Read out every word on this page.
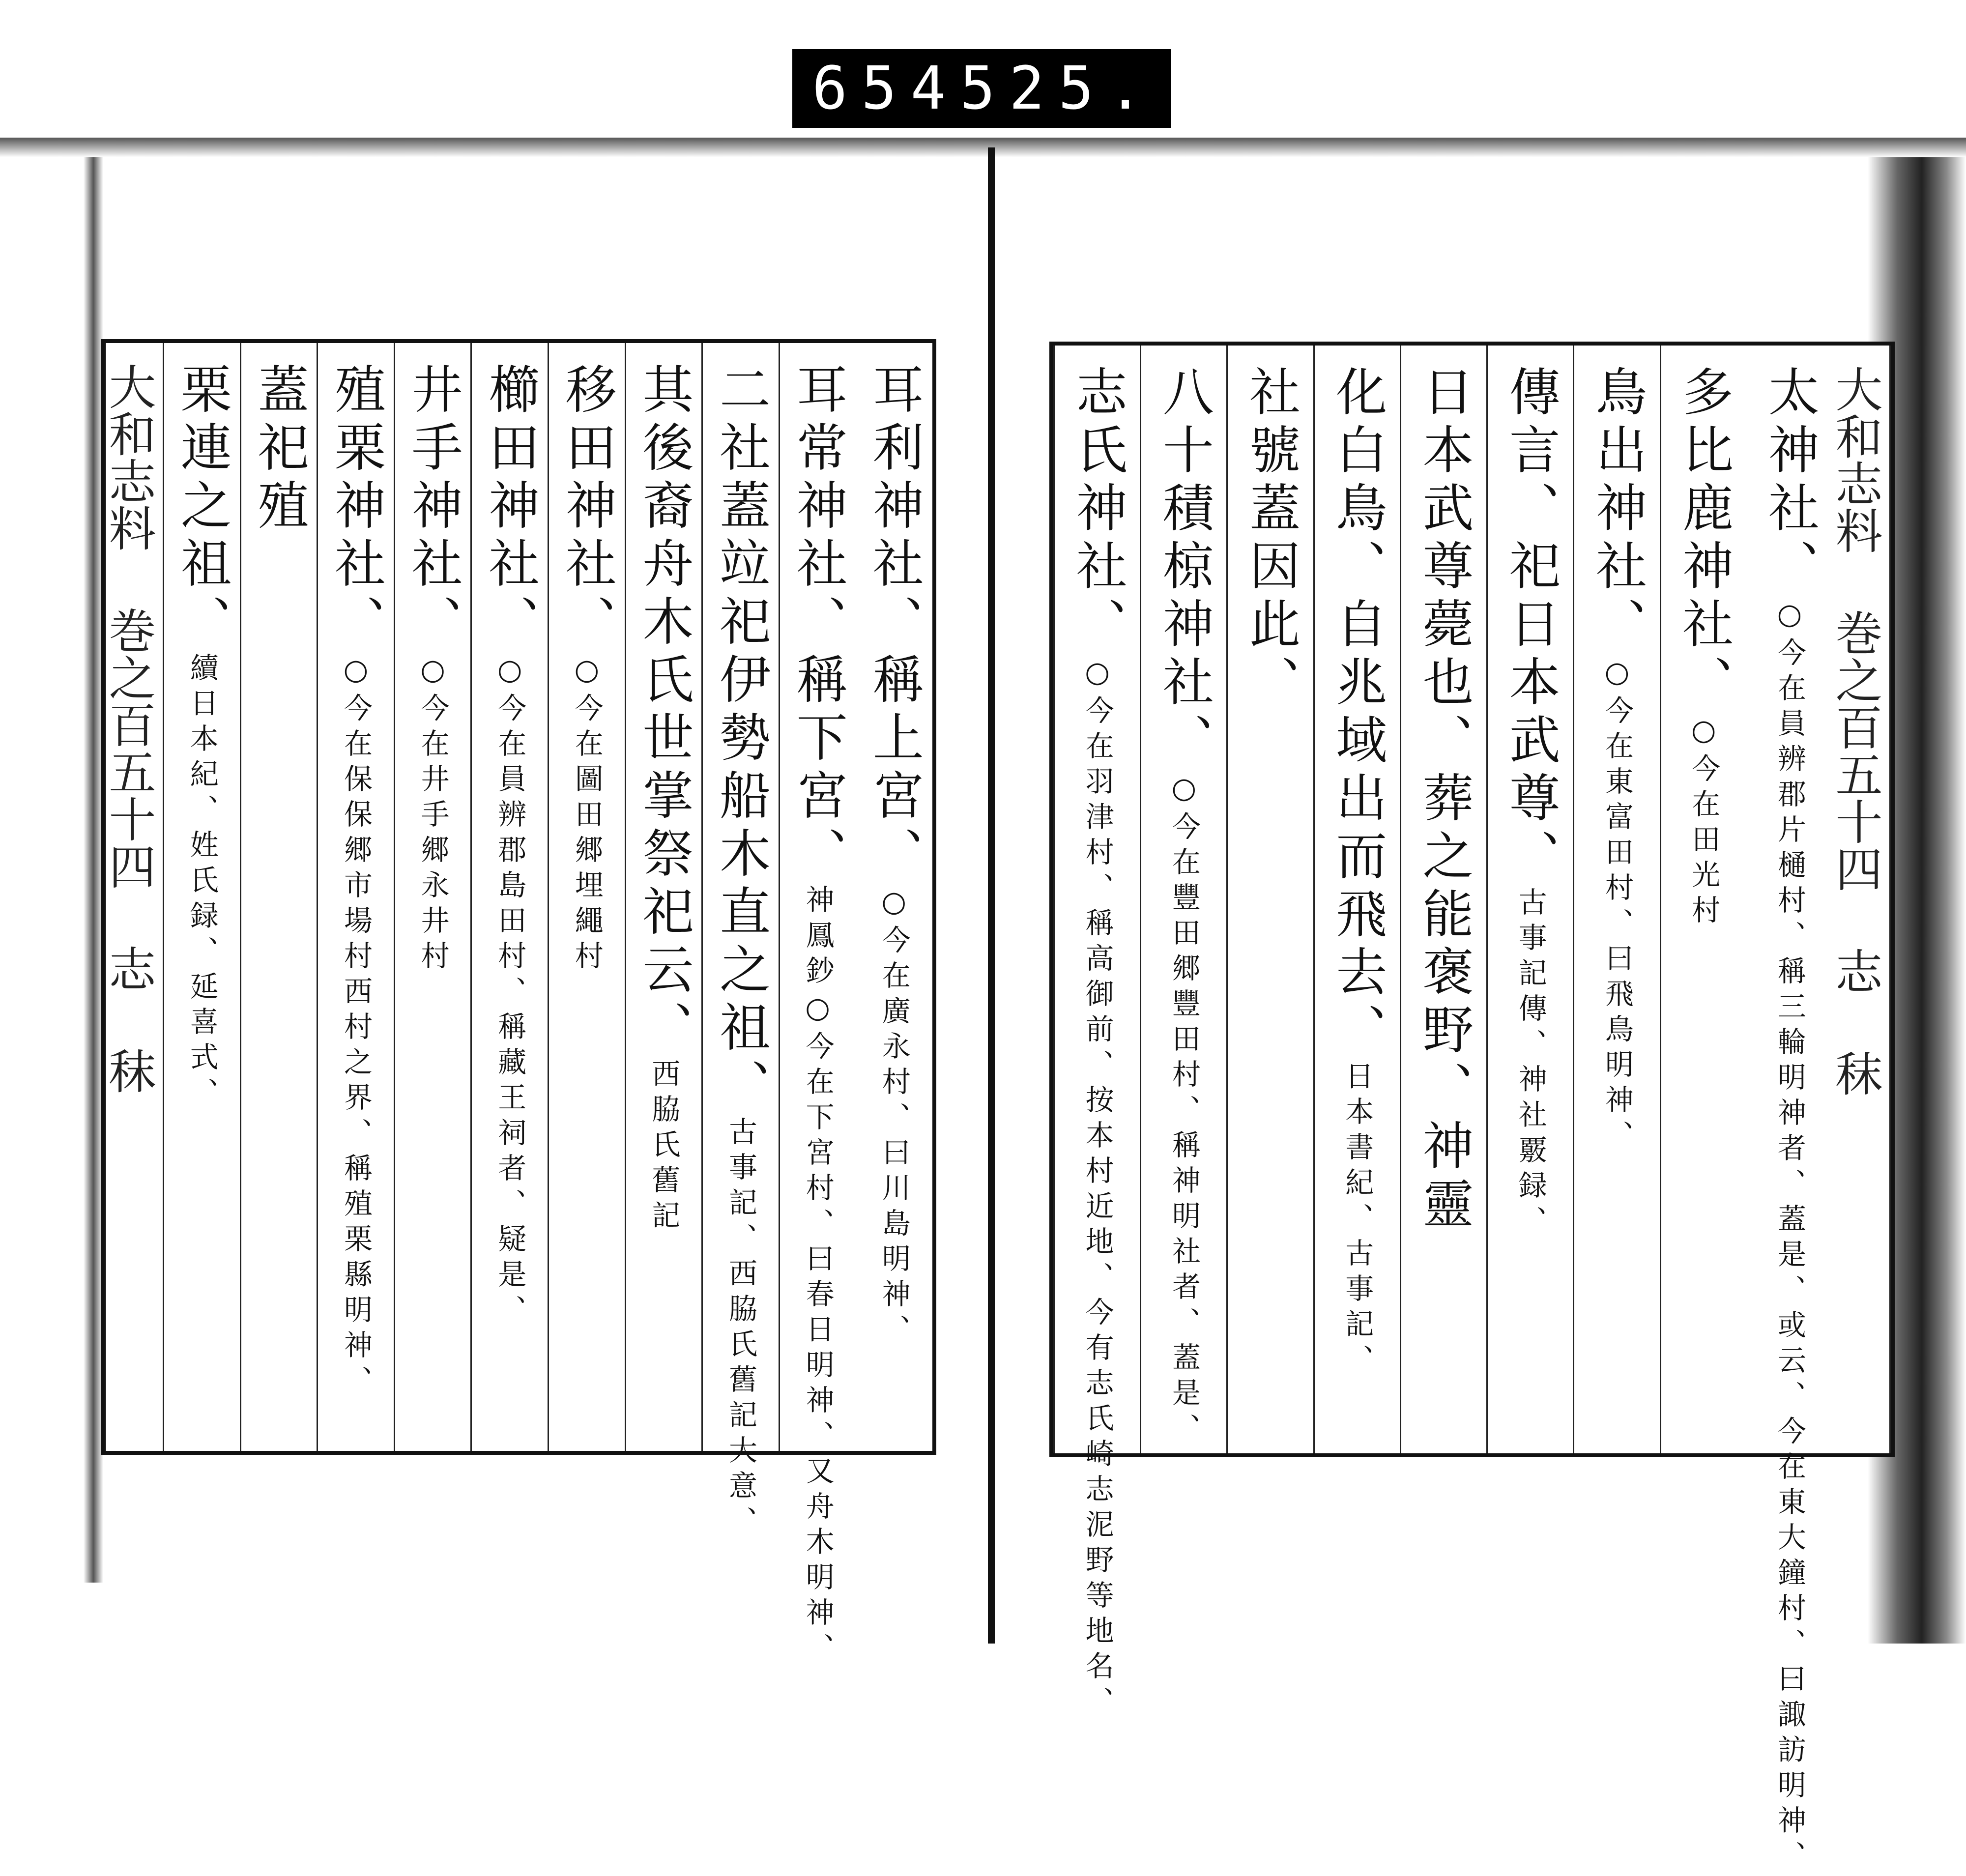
654 525.
大和志料 巻之百五十四 志 秣	耳利神社、稱上宮、○今在廣永村、曰川島明神、
耳常神社、稱下宮、神鳳鈔○今在下宮村、曰春日明神、又舟木明神、
二社蓋竝祀伊勢船木直之祖、古事記、西脇氏舊記大意、
其後裔舟木氏世掌祭祀云、西脇氏舊記
移田神社、○今在圖田郷埋繩村
櫛田神社、○今在員辨郡島田村、稱藏王祠者、疑是、
井手神社、○今在井手郷永井村
殖栗神社、○今在保保郷市場村西村之界、稱殖栗縣明神、
蓋祀殖
栗連之祖、續日本紀、姓氏録、延喜式、	大和志料 巻之百五十四 志 秣
太神社、○今在員辨郡片樋村、稱三輪明神者、蓋是、或云、今在東大鐘村、曰諏訪明神、
多比鹿神社、○今在田光村
鳥出神社、○今在東富田村、曰飛鳥明神、
傳言、祀日本武尊、古事記傳、神社覈録、
日本武尊薨也、葬之能褒野、神靈
化白鳥、自兆域出而飛去、日本書紀、古事記、
社號蓋因此、
八十積椋神社、○今在豐田郷豐田村、稱神明社者、蓋是、
志氏神社、○今在羽津村、稱高御前、按本村近地、今有志氏崎志泥野等地名、
